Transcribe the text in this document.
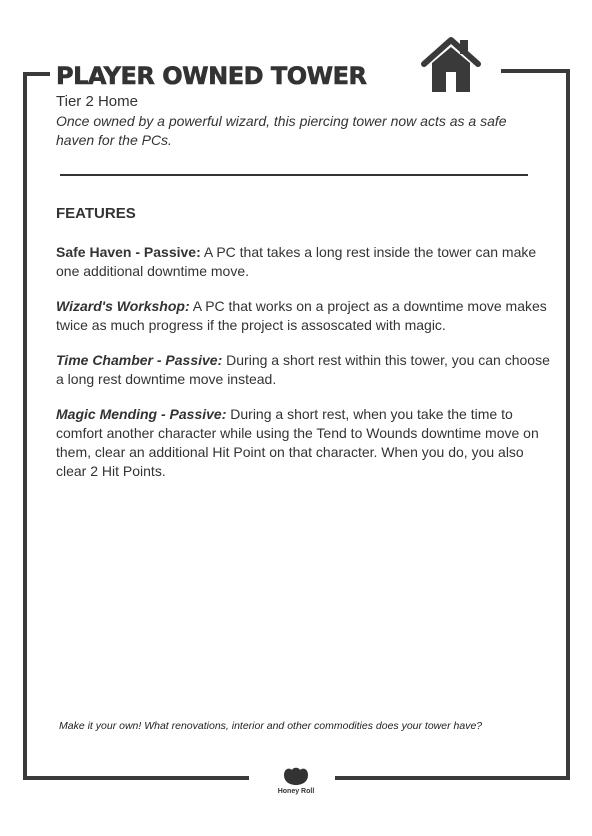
PLAYER OWNED TOWER
Tier 2 Home
Once owned by a powerful wizard, this piercing tower now acts as a safe haven for the PCs.
FEATURES

Safe Haven - Passive: A PC that takes a long rest inside the tower can make one additional downtime move.

Wizard's Workshop: A PC that works on a project as a downtime move makes twice as much progress if the project is assoscated with magic.

Time Chamber - Passive: During a short rest within this tower, you can choose a long rest downtime move instead.

Magic Mending - Passive: During a short rest, when you take the time to comfort another character while using the Tend to Wounds downtime move on them, clear an additional Hit Point on that character. When you do, you also clear 2 Hit Points.

Make it your own! What renovations, interior and other commodities does your tower have?
Honey Roll
